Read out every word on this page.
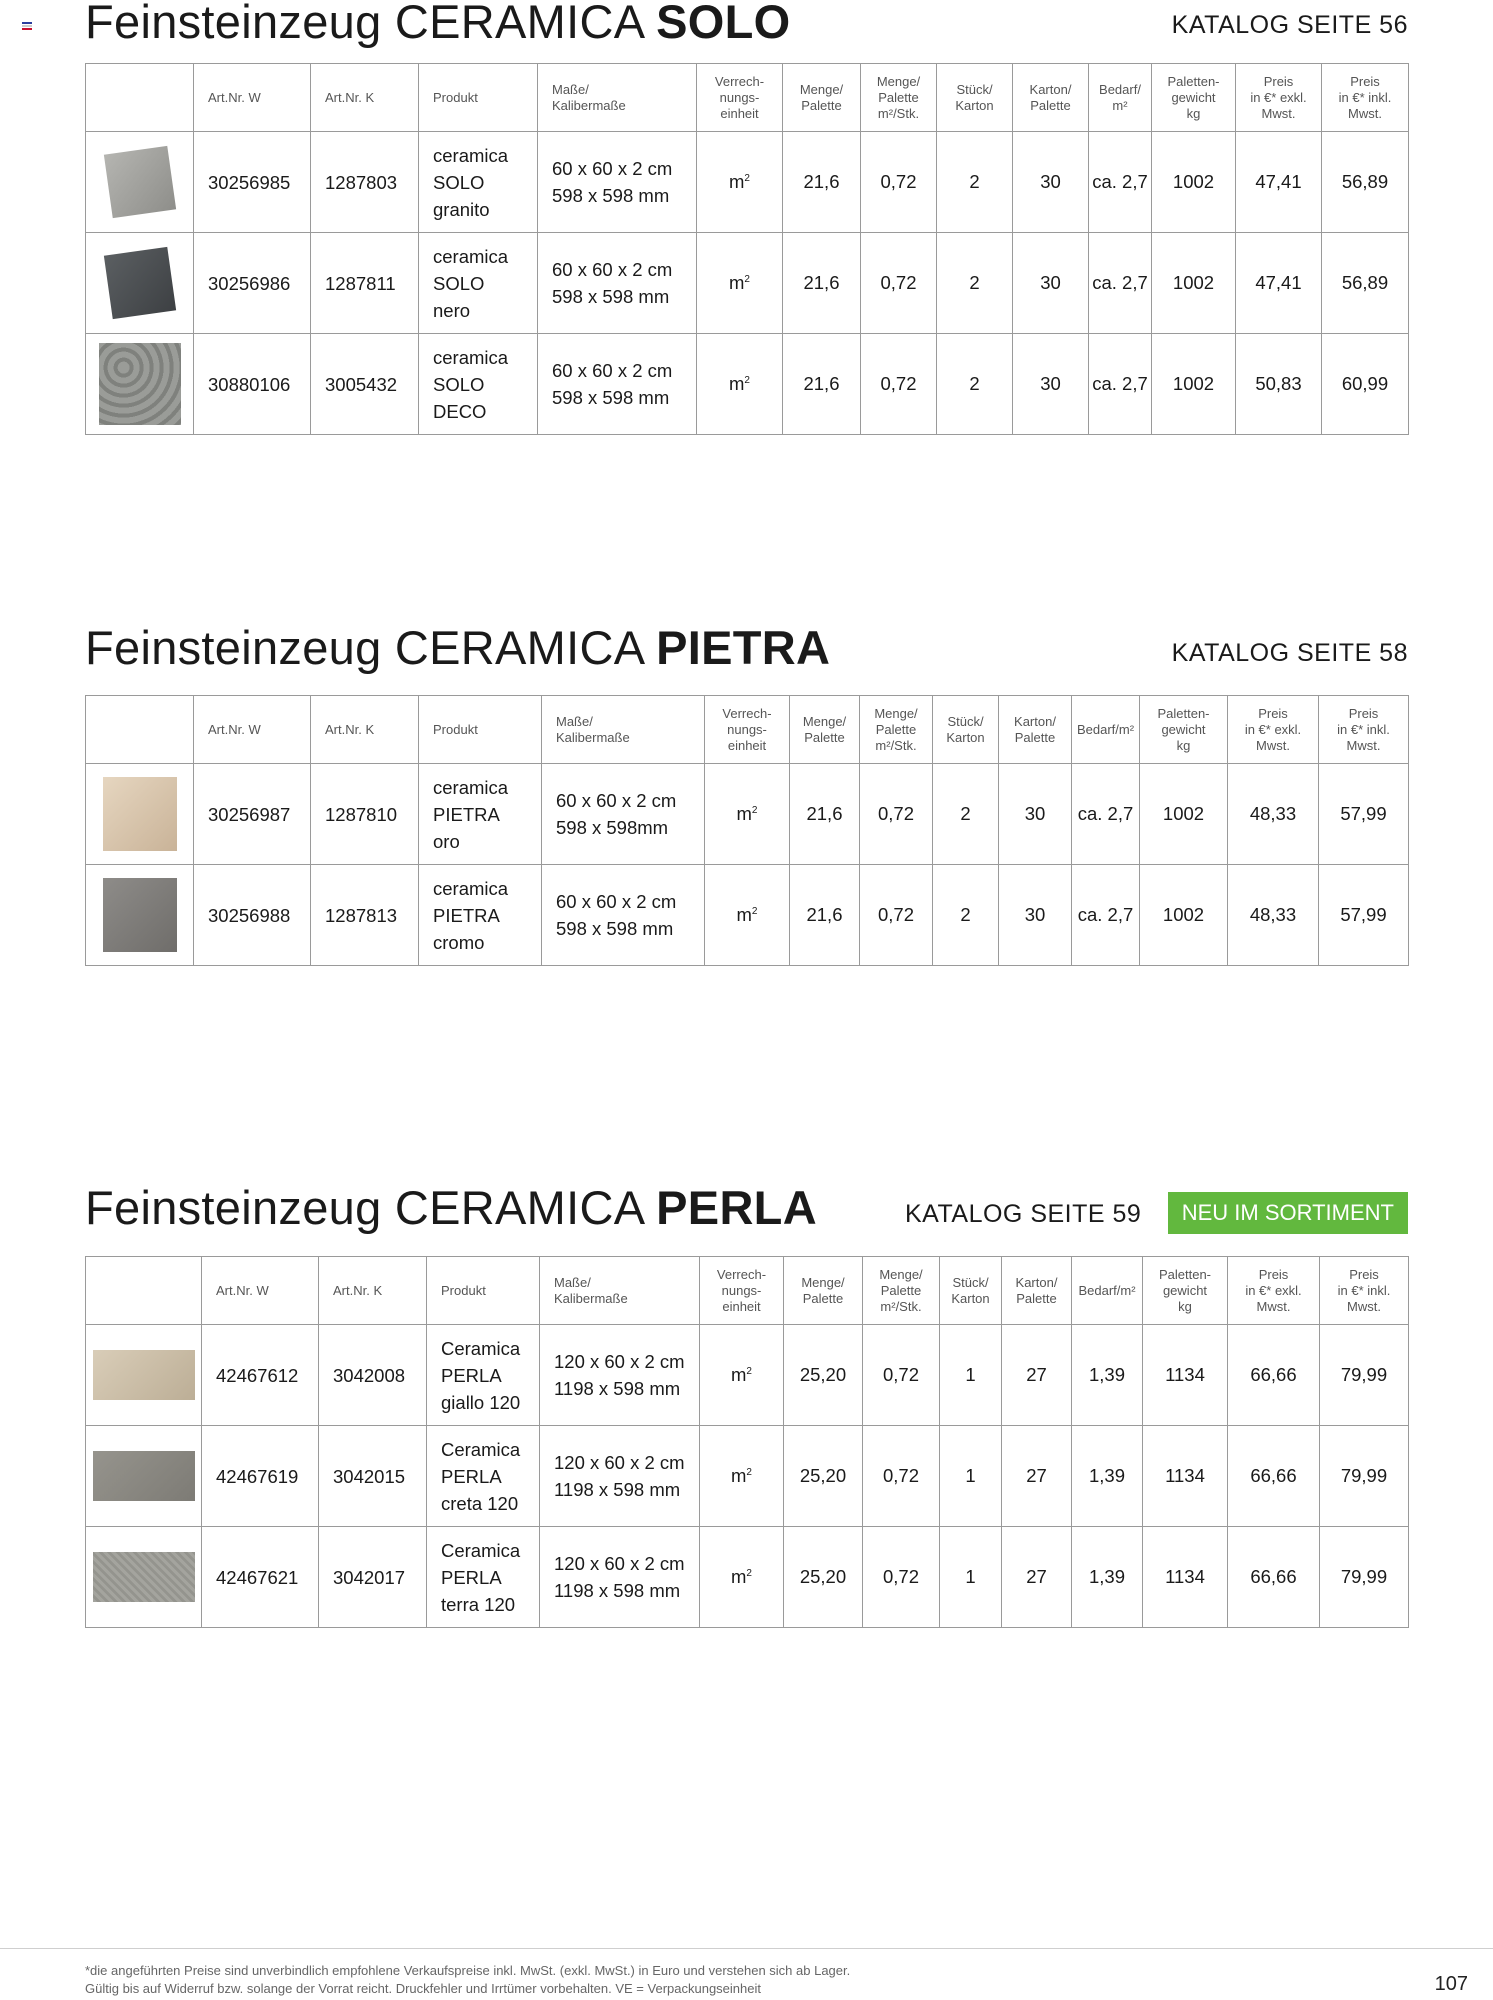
Feinsteinzeug CERAMICA SOLO	KATALOG SEITE 56
	Art.Nr. W	Art.Nr. K	Produkt	Maße/
Kalibermaße	Verrech-
nungs-
einheit	Menge/
Palette	Menge/
Palette
m²/Stk.	Stück/
Karton	Karton/
Palette	Bedarf/
m²	Paletten-
gewicht
kg	Preis
in €* exkl.
Mwst.	Preis
in €* inkl.
Mwst.

	30256985	1287803	ceramica
SOLO
granito	60 x 60 x 2 cm
598 x 598 mm	$m^2$	21,6	0,72	2	30	ca. 2,7	1002	47,41	56,89

	30256986	1287811	ceramica
SOLO
nero	60 x 60 x 2 cm
598 x 598 mm	$m^2$	21,6	0,72	2	30	ca. 2,7	1002	47,41	56,89

	30880106	3005432	ceramica
SOLO
DECO	60 x 60 x 2 cm
598 x 598 mm	$m^2$	21,6	0,72	2	30	ca. 2,7	1002	50,83	60,99
Feinsteinzeug CERAMICA PIETRA	KATALOG SEITE 58
	Art.Nr. W	Art.Nr. K	Produkt	Maße/
Kalibermaße	Verrech-
nungs-
einheit	Menge/
Palette	Menge/
Palette
m²/Stk.	Stück/
Karton	Karton/
Palette	Bedarf/m²	Paletten-
gewicht
kg	Preis
in €* exkl.
Mwst.	Preis
in €* inkl.
Mwst.

	30256987	1287810	ceramica
PIETRA
oro	60 x 60 x 2 cm
598 x 598mm	$m^2$	21,6	0,72	2	30	ca. 2,7	1002	48,33	57,99

	30256988	1287813	ceramica
PIETRA
cromo	60 x 60 x 2 cm
598 x 598 mm	$m^2$	21,6	0,72	2	30	ca. 2,7	1002	48,33	57,99
Feinsteinzeug CERAMICA PERLA	KATALOG SEITE 59	NEU IM SORTIMENT
	Art.Nr. W	Art.Nr. K	Produkt	Maße/
Kalibermaße	Verrech-
nungs-
einheit	Menge/
Palette	Menge/
Palette
m²/Stk.	Stück/
Karton	Karton/
Palette	Bedarf/m²	Paletten-
gewicht
kg	Preis
in €* exkl.
Mwst.	Preis
in €* inkl.
Mwst.

	42467612	3042008	Ceramica
PERLA
giallo 120	120 x 60 x 2 cm
1198 x 598 mm	$m^2$	25,20	0,72	1	27	1,39	1134	66,66	79,99

	42467619	3042015	Ceramica
PERLA
creta 120	120 x 60 x 2 cm
1198 x 598 mm	$m^2$	25,20	0,72	1	27	1,39	1134	66,66	79,99

	42467621	3042017	Ceramica
PERLA
terra 120	120 x 60 x 2 cm
1198 x 598 mm	$m^2$	25,20	0,72	1	27	1,39	1134	66,66	79,99
*die angeführten Preise sind unverbindlich empfohlene Verkaufspreise inkl. MwSt. (exkl. MwSt.) in Euro und verstehen sich ab Lager.
Gültig bis auf Widerruf bzw. solange der Vorrat reicht. Druckfehler und Irrtümer vorbehalten. VE = Verpackungseinheit	107
